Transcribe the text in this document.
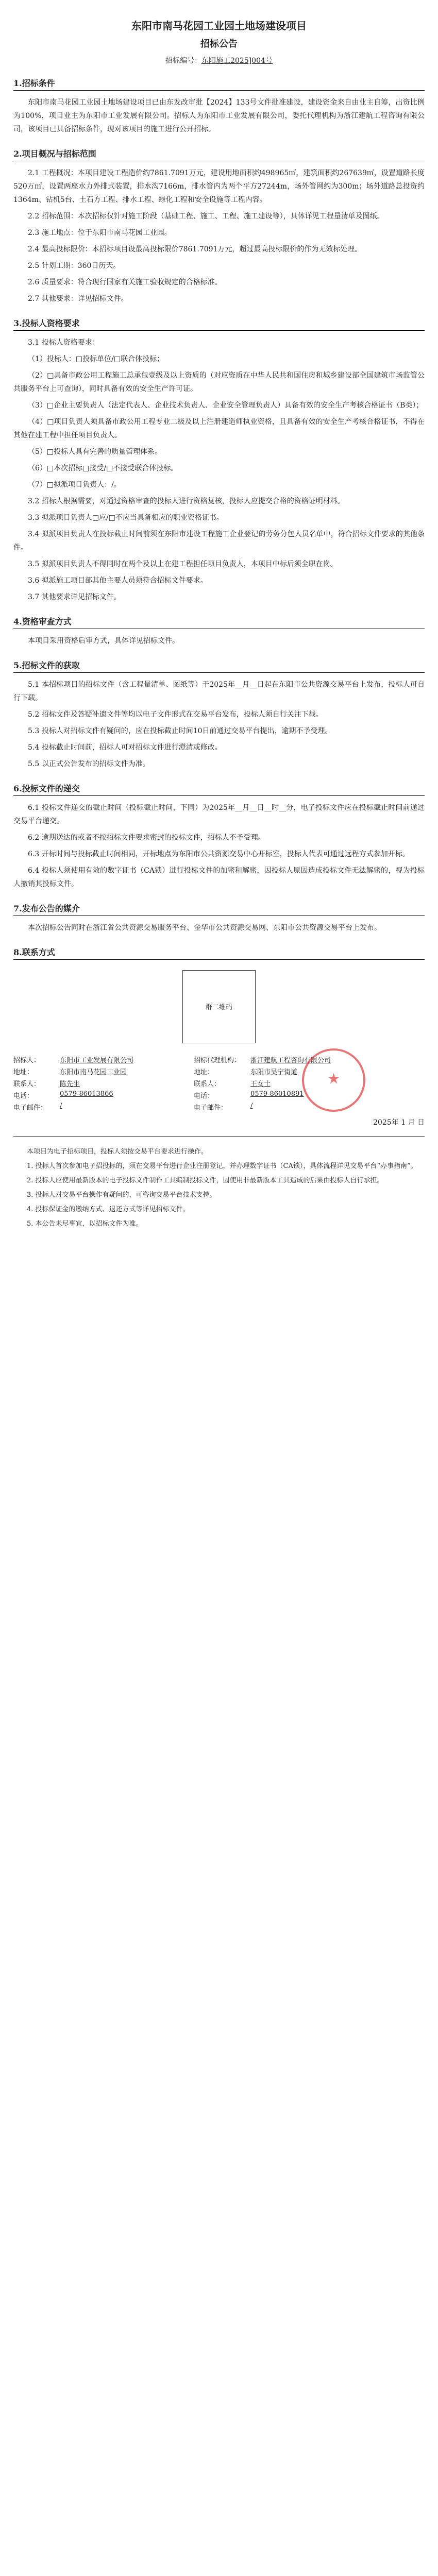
东阳市南马花园工业园土地场建设项目
招标公告
招标编号：东阳施工2025]004号
1.招标条件

东阳市南马花园工业园土地场建设项目已由东发改审批【2024】133号文件批准建设，建设资金来自由业主自筹，出资比例为100%，项目业主为东阳市工业发展有限公司。招标人为东阳市工业发展有限公司，委托代理机构为浙江建航工程咨询有限公司，该项目已具备招标条件，现对该项目的施工进行公开招标。

2.项目概况与招标范围

2.1 工程概况：本项目建设工程造价约7861.7091万元，建设用地面积约498965㎡，建筑面积约267639㎡，设置道路长度520万㎡，设置两座水力外排式装置，排水沟7166m，排水管内为两个平方27244m，场外管网约为300m；场外道路总投资约1364m、钻机5台、土石方工程、排水工程、绿化工程和安全设施等工程内容。

2.2 招标范围：本次招标仅针对施工阶段（基础工程、施工、工程、施工建设等），具体详见工程量清单及图纸。

2.3 施工地点：位于东阳市南马花园工业园。

2.4 最高投标限价：本招标项目设最高投标限价7861.7091万元，超过最高投标限价的作为无效标处理。

2.5 计划工期：360日历天。

2.6 质量要求：符合现行国家有关施工验收规定的合格标准。

2.7 其他要求：详见招标文件。

3.投标人资格要求

3.1 投标人资格要求：

（1）投标人：□投标单位/□联合体投标；

（2）□具备市政公用工程施工总承包壹级及以上资质的（对应资质在中华人民共和国住房和城乡建设部全国建筑市场监管公共服务平台上可查询），同时具备有效的安全生产许可证。

（3）□企业主要负责人（法定代表人、企业技术负责人、企业安全管理负责人）具备有效的安全生产考核合格证书（B类）；

（4）□项目负责人须具备市政公用工程专业二级及以上注册建造师执业资格，且具备有效的安全生产考核合格证书，不得在其他在建工程中担任项目负责人。

（5）□投标人具有完善的质量管理体系。

（6）□本次招标□接受/□不接受联合体投标。

（7）□拟派项目负责人：/。

3.2 招标人根据需要，对通过资格审查的投标人进行资格复核，投标人应提交合格的资格证明材料。

3.3 拟派项目负责人□应/□不应当具备相应的职业资格证书。

3.4 拟派项目负责人在投标截止时间前须在东阳市建设工程施工企业登记的劳务分包人员名单中，符合招标文件要求的其他条件。

3.5 拟派项目负责人不得同时在两个及以上在建工程担任项目负责人，本项目中标后须全职在岗。

3.6 拟派施工项目部其他主要人员须符合招标文件要求。

3.7 其他要求详见招标文件。

4.资格审查方式

本项目采用资格后审方式，具体详见招标文件。

5.招标文件的获取

5.1 本招标项目的招标文件（含工程量清单、图纸等）于2025年__月__日起在东阳市公共资源交易平台上发布，投标人可自行下载。

5.2 招标文件及答疑补遗文件等均以电子文件形式在交易平台发布，投标人须自行关注下载。

5.3 投标人对招标文件有疑问的，应在投标截止时间10日前通过交易平台提出，逾期不予受理。

5.4 投标截止时间前，招标人可对招标文件进行澄清或修改。

5.5 以正式公告发布的招标文件为准。

6.投标文件的递交

6.1 投标文件递交的截止时间（投标截止时间，下同）为2025年__月__日__时__分，电子投标文件应在投标截止时间前通过交易平台递交。

6.2 逾期送达的或者不按招标文件要求密封的投标文件，招标人不予受理。

6.3 开标时间与投标截止时间相同，开标地点为东阳市公共资源交易中心开标室，投标人代表可通过远程方式参加开标。

6.4 投标人须使用有效的数字证书（CA锁）进行投标文件的加密和解密，因投标人原因造成投标文件无法解密的，视为投标人撤销其投标文件。

7.发布公告的媒介

本次招标公告同时在浙江省公共资源交易服务平台、金华市公共资源交易网、东阳市公共资源交易平台上发布。

8.联系方式
群二维码
招标人：	东阳市工业发展有限公司	招标代理机构：	浙江建航工程咨询有限公司
地址：	东阳市南马花园工业园	地址：	东阳市吴宁街道
联系人：	陈先生	联系人：	王女士
电话：	0579-86013866	电话：	0579-86010891
电子邮件：	/	电子邮件：	/
★
2025年 1 月 日

本项目为电子招标项目，投标人须按交易平台要求进行操作。

1. 投标人首次参加电子招投标的，须在交易平台进行企业注册登记，并办理数字证书（CA锁），具体流程详见交易平台“办事指南”。

2. 投标人应使用最新版本的电子投标文件制作工具编制投标文件，因使用非最新版本工具造成的后果由投标人自行承担。

3. 投标人对交易平台操作有疑问的，可咨询交易平台技术支持。

4. 投标保证金的缴纳方式、退还方式等详见招标文件。

5. 本公告未尽事宜，以招标文件为准。
